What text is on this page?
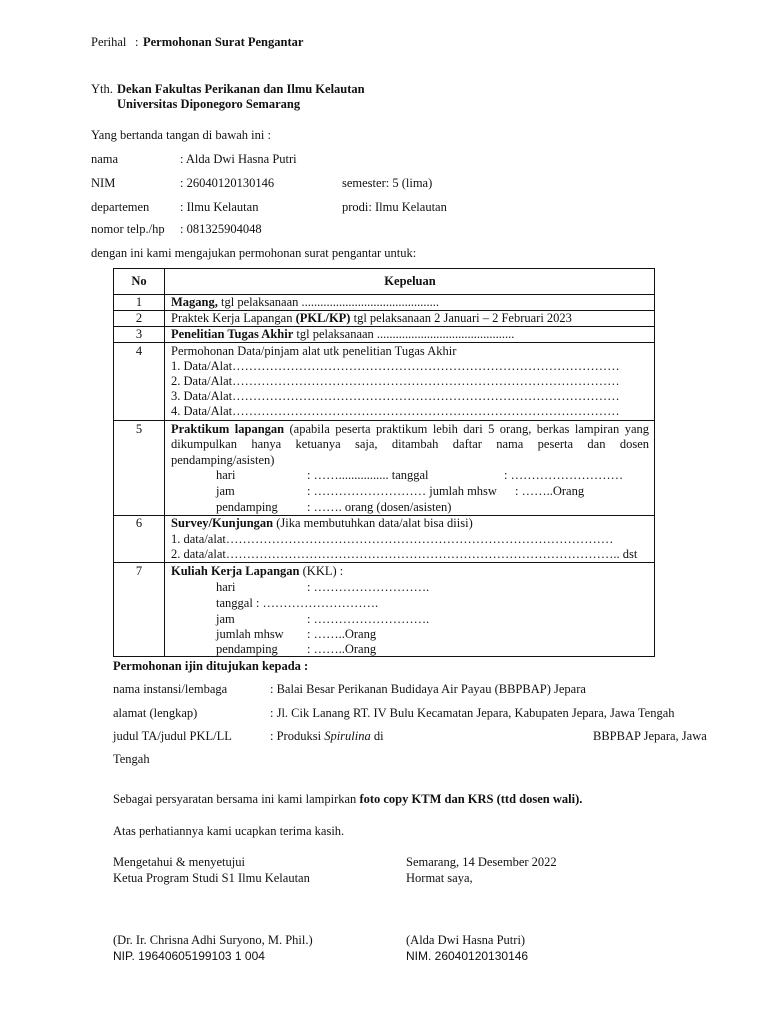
Perihal : Permohonan Surat Pengantar
Yth. Dekan Fakultas Perikanan dan Ilmu Kelautan
Universitas Diponegoro Semarang
Yang bertanda tangan di bawah ini :
nama	: Alda Dwi Hasna Putri
NIM	: 26040120130146	semester: 5 (lima)
departemen : Ilmu Kelautan	prodi: Ilmu Kelautan
nomor telp./hp : 081325904048
dengan ini kami mengajukan permohonan surat pengantar untuk:
No	Kepeluan
1	Magang, tgl pelaksanaan ............................................
2	Praktek Kerja Lapangan (PKL/KP) tgl pelaksanaan 2 Januari – 2 Februari 2023
3	Penelitian Tugas Akhir tgl pelaksanaan ............................................
4	Permohonan Data/pinjam alat utk penelitian Tugas Akhir
1. Data/Alat…………………………………………………………………………………
2. Data/Alat…………………………………………………………………………………
3. Data/Alat…………………………………………………………………………………
4. Data/Alat…………………………………………………………………………………
5	Praktikum lapangan (apabila peserta praktikum lebih dari 5 orang, berkas lampiran yang
dikumpulkan hanya ketuanya saja, ditambah daftar nama peserta dan dosen
pendamping/asisten)
hari	: ……................ tanggal	: ………………………
jam	: ……………………… jumlah mhsw : ……..Orang
pendamping : ……. orang (dosen/asisten)
6	Survey/Kunjungan (Jika membutuhkan data/alat bisa diisi)
1. data/alat…………………………………………………………………………………
2. data/alat………………………………………………………………………………….. dst
7	Kuliah Kerja Lapangan (KKL) :
hari	: ……………………….
tanggal : ……………………….
jam	: ……………………….
jumlah mhsw : ……..Orang
pendamping : ……..Orang
Permohonan ijin ditujukan kepada :
nama instansi/lembaga	: Balai Besar Perikanan Budidaya Air Payau (BBPBAP) Jepara
alamat (lengkap)	: Jl. Cik Lanang RT. IV Bulu Kecamatan Jepara, Kabupaten Jepara, Jawa Tengah
judul TA/judul PKL/LL	: Produksi Spirulina di	BBPBAP Jepara, Jawa
Tengah
Sebagai persyaratan bersama ini kami lampirkan foto copy KTM dan KRS (ttd dosen wali).
Atas perhatiannya kami ucapkan terima kasih.
Mengetahui & menyetujui
Ketua Program Studi S1 Ilmu Kelautan
(Dr. Ir. Chrisna Adhi Suryono, M. Phil.)
NIP. 19640605199103 1 004
Semarang, 14 Desember 2022
Hormat saya,
(Alda Dwi Hasna Putri)
NIM. 26040120130146
